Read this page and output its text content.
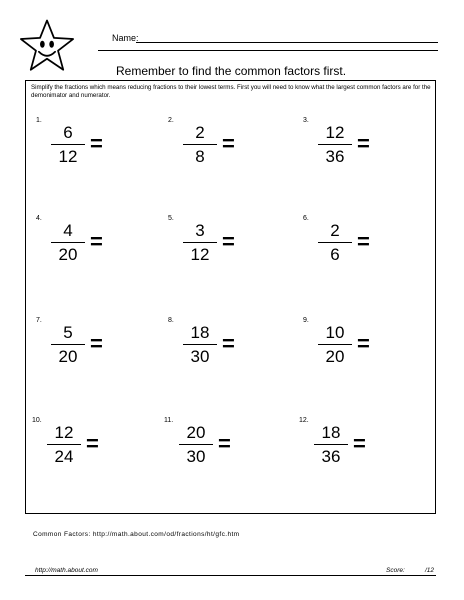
Name:
Remember to find the common factors first.
Simplify the fractions which means reducing fractions to their lowest terms. First you will need to know what the largest common factors are for the demonimator and numerator.
1.
6
12
=
2.
2
8
=
3.
12
36
=
4.
4
20
=
5.
3
12
=
6.
2
6
=
7.
5
20
=
8.
18
30
=
9.
10
20
=
10.
12
24
=
11.
20
30
=
12.
18
36
=
Common Factors: http://math.about.com/od/fractions/ht/gfc.htm
http://math.about.com	Score:	/12
